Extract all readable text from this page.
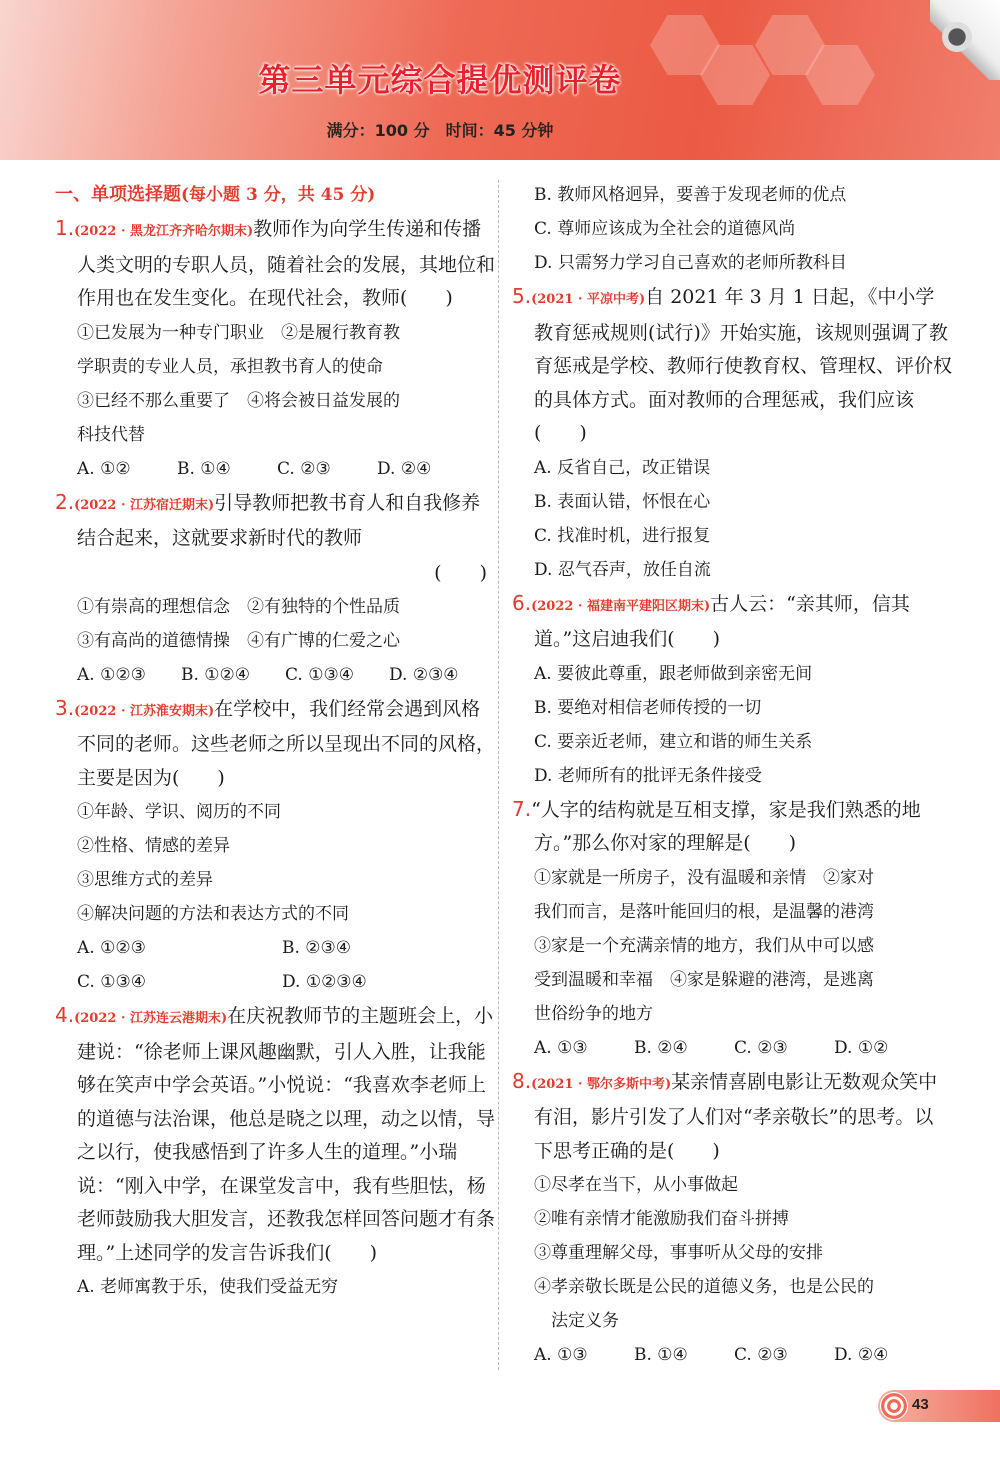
第三单元综合提优测评卷
满分：100 分　时间：45 分钟
一、单项选择题(每小题 3 分，共 45 分)
1.(2022 · 黑龙江齐齐哈尔期末)教师作为向学生传递和传播人类文明的专职人员，随着社会的发展，其地位和作用也在发生变化。在现代社会，教师(　　)
①已发展为一种专门职业　②是履行教育教
学职责的专业人员，承担教书育人的使命
③已经不那么重要了　④将会被日益发展的
科技代替
A. ①②	B. ①④	C. ②③	D. ②④
2.(2022 · 江苏宿迁期末)引导教师把教书育人和自我修养结合起来，这就要求新时代的教师
(　　)
①有崇高的理想信念　②有独特的个性品质
③有高尚的道德情操　④有广博的仁爱之心
A. ①②③ B. ①②④ C. ①③④ D. ②③④
3.(2022 · 江苏淮安期末)在学校中，我们经常会遇到风格不同的老师。这些老师之所以呈现出不同的风格，主要是因为(　　)
①年龄、学识、阅历的不同
②性格、情感的差异
③思维方式的差异
④解决问题的方法和表达方式的不同
A. ①②③	B. ②③④
C. ①③④	D. ①②③④
4.(2022 · 江苏连云港期末)在庆祝教师节的主题班会上，小建说：“徐老师上课风趣幽默，引人入胜，让我能够在笑声中学会英语。”小悦说：“我喜欢李老师上的道德与法治课，他总是晓之以理，动之以情，导之以行，使我感悟到了许多人生的道理。”小瑞说：“刚入中学，在课堂发言中，我有些胆怯，杨老师鼓励我大胆发言，还教我怎样回答问题才有条理。”上述同学的发言告诉我们(　　)
A. 老师寓教于乐，使我们受益无穷
B. 教师风格迥异，要善于发现老师的优点
C. 尊师应该成为全社会的道德风尚
D. 只需努力学习自己喜欢的老师所教科目
5.(2021 · 平凉中考)自 2021 年 3 月 1 日起，《中小学教育惩戒规则(试行)》开始实施，该规则强调了教育惩戒是学校、教师行使教育权、管理权、评价权的具体方式。面对教师的合理惩戒，我们应该(　　)
A. 反省自己，改正错误
B. 表面认错，怀恨在心
C. 找准时机，进行报复
D. 忍气吞声，放任自流
6.(2022 · 福建南平建阳区期末)古人云：“亲其师，信其道。”这启迪我们(　　)
A. 要彼此尊重，跟老师做到亲密无间
B. 要绝对相信老师传授的一切
C. 要亲近老师，建立和谐的师生关系
D. 老师所有的批评无条件接受
7.“人字的结构就是互相支撑，家是我们熟悉的地方。”那么你对家的理解是(　　)
①家就是一所房子，没有温暖和亲情　②家对
我们而言，是落叶能回归的根，是温馨的港湾
③家是一个充满亲情的地方，我们从中可以感
受到温暖和幸福　④家是躲避的港湾，是逃离
世俗纷争的地方
A. ①③	B. ②④	C. ②③	D. ①②
8.(2021 · 鄂尔多斯中考)某亲情喜剧电影让无数观众笑中有泪，影片引发了人们对“孝亲敬长”的思考。以下思考正确的是(　　)
①尽孝在当下，从小事做起
②唯有亲情才能激励我们奋斗拼搏
③尊重理解父母，事事听从父母的安排
④孝亲敬长既是公民的道德义务，也是公民的
　法定义务
A. ①③	B. ①④	C. ②③	D. ②④
43
